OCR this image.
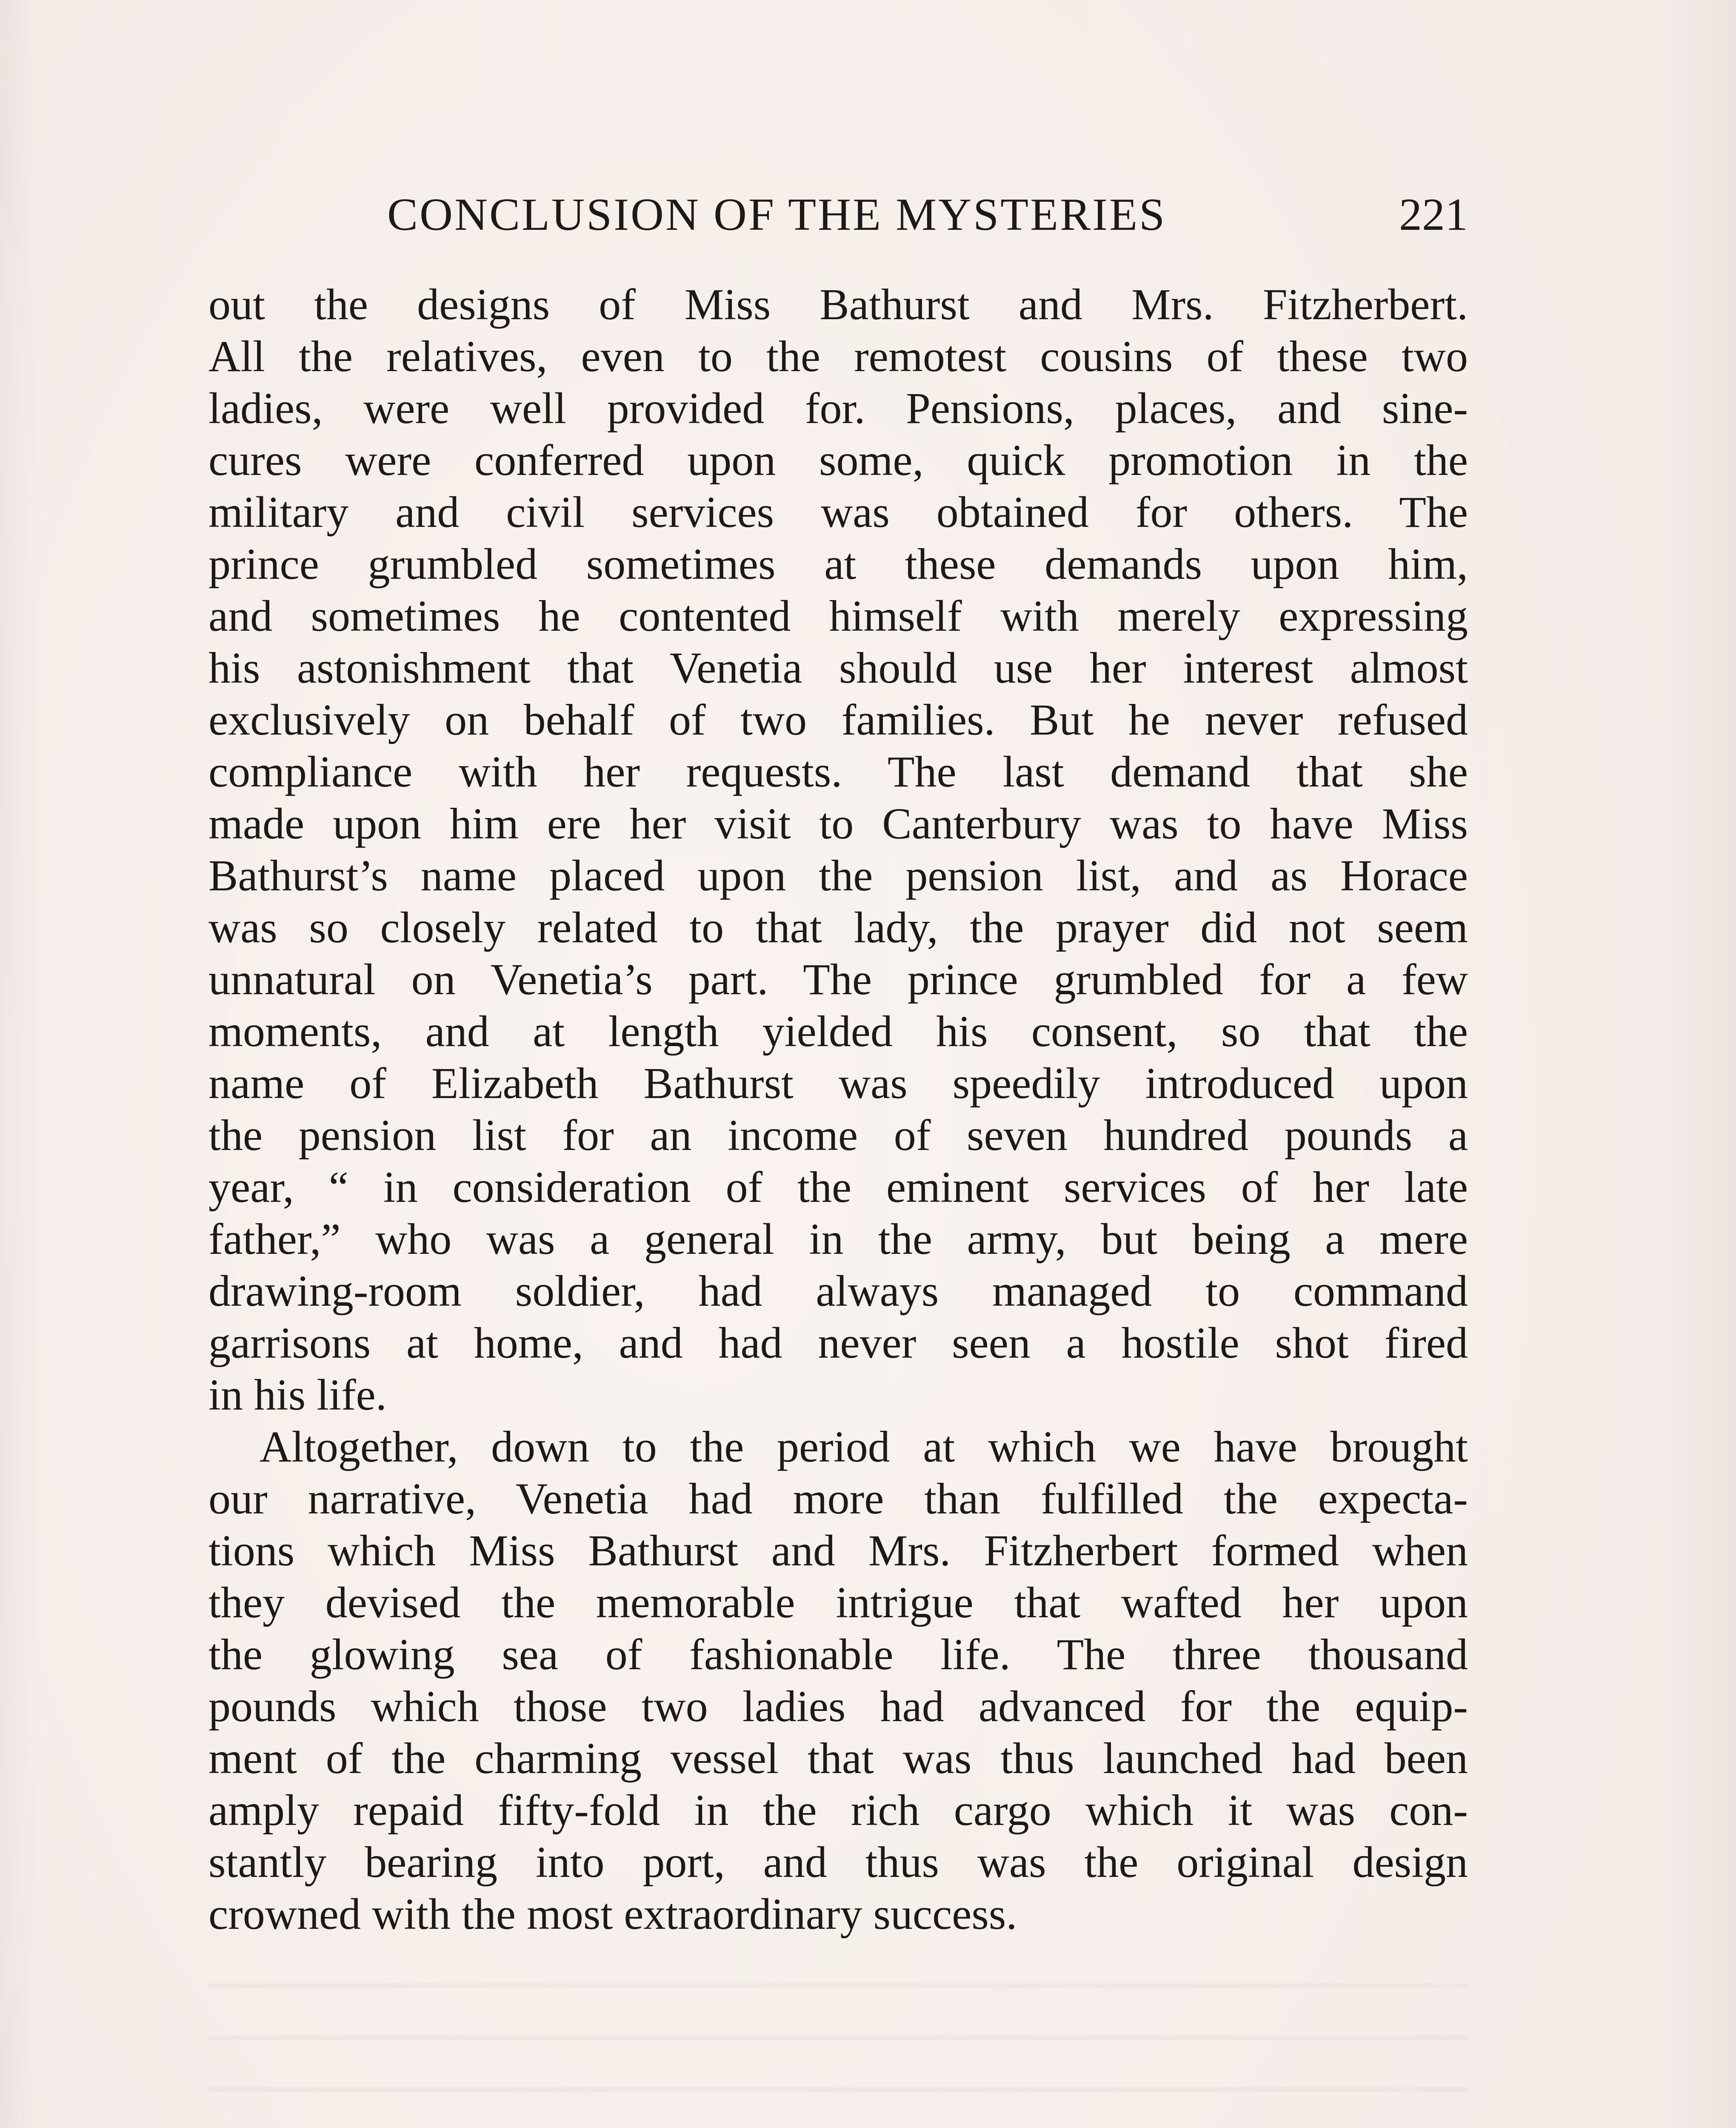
CONCLUSION OF THE MYSTERIES	221
out the designs of Miss Bathurst and Mrs. Fitzherbert.
All the relatives, even to the remotest cousins of these two
ladies, were well provided for. Pensions, places, and sine-
cures were conferred upon some, quick promotion in the
military and civil services was obtained for others. The
prince grumbled sometimes at these demands upon him,
and sometimes he contented himself with merely expressing
his astonishment that Venetia should use her interest almost
exclusively on behalf of two families. But he never refused
compliance with her requests. The last demand that she
made upon him ere her visit to Canterbury was to have Miss
Bathurst’s name placed upon the pension list, and as Horace
was so closely related to that lady, the prayer did not seem
unnatural on Venetia’s part. The prince grumbled for a few
moments, and at length yielded his consent, so that the
name of Elizabeth Bathurst was speedily introduced upon
the pension list for an income of seven hundred pounds a
year, “ in consideration of the eminent services of her late
father,” who was a general in the army, but being a mere
drawing-room soldier, had always managed to command
garrisons at home, and had never seen a hostile shot fired
in his life.
Altogether, down to the period at which we have brought
our narrative, Venetia had more than fulfilled the expecta-
tions which Miss Bathurst and Mrs. Fitzherbert formed when
they devised the memorable intrigue that wafted her upon
the glowing sea of fashionable life. The three thousand
pounds which those two ladies had advanced for the equip-
ment of the charming vessel that was thus launched had been
amply repaid fifty-fold in the rich cargo which it was con-
stantly bearing into port, and thus was the original design
crowned with the most extraordinary success.
